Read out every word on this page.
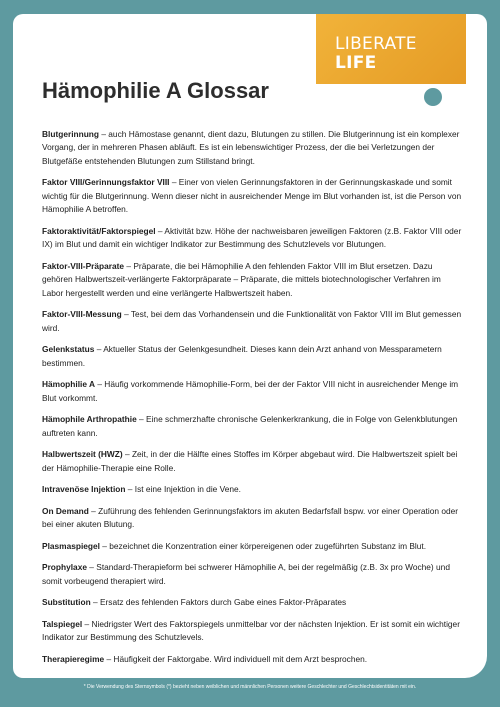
LIBERATE
LIFE
Hämophilie A Glossar

Blutgerinnung – auch Hämostase genannt, dient dazu, Blutungen zu stillen. Die Blutgerinnung ist ein komplexer Vorgang, der in mehreren Phasen abläuft. Es ist ein lebenswichtiger Prozess, der die bei Verletzungen der Blutgefäße entstehenden Blutungen zum Stillstand bringt.

Faktor VIII/Gerinnungsfaktor VIII – Einer von vielen Gerinnungsfaktoren in der Gerinnungskaskade und somit wichtig für die Blutgerinnung. Wenn dieser nicht in ausreichender Menge im Blut vorhanden ist, ist die Person von Hämophilie A betroffen.

Faktoraktivität/Faktorspiegel – Aktivität bzw. Höhe der nachweisbaren jeweiligen Faktoren (z.B. Faktor VIII oder IX) im Blut und damit ein wichtiger Indikator zur Bestimmung des Schutzlevels vor Blutungen.

Faktor-VIII-Präparate – Präparate, die bei Hämophilie A den fehlenden Faktor VIII im Blut ersetzen. Dazu gehören Halbwertszeit-verlängerte Faktorpräparate – Präparate, die mittels biotechnologischer Verfahren im Labor hergestellt werden und eine verlängerte Halbwertszeit haben.

Faktor-VIII-Messung – Test, bei dem das Vorhandensein und die Funktionalität von Faktor VIII im Blut gemessen wird.

Gelenkstatus – Aktueller Status der Gelenkgesundheit. Dieses kann dein Arzt anhand von Messparametern bestimmen.

Hämophilie A – Häufig vorkommende Hämophilie-Form, bei der der Faktor VIII nicht in ausreichender Menge im Blut vorkommt.

Hämophile Arthropathie – Eine schmerzhafte chronische Gelenkerkrankung, die in Folge von Gelenkblutungen auftreten kann.

Halbwertszeit (HWZ) – Zeit, in der die Hälfte eines Stoffes im Körper abgebaut wird. Die Halbwertszeit spielt bei der Hämophilie-Therapie eine Rolle.

Intravenöse Injektion – Ist eine Injektion in die Vene.

On Demand – Zuführung des fehlenden Gerinnungsfaktors im akuten Bedarfsfall bspw. vor einer Operation oder bei einer akuten Blutung.

Plasmaspiegel – bezeichnet die Konzentration einer körpereigenen oder zugeführten Substanz im Blut.

Prophylaxe – Standard-Therapieform bei schwerer Hämophilie A, bei der regelmäßig (z.B. 3x pro Woche) und somit vorbeugend therapiert wird.

Substitution – Ersatz des fehlenden Faktors durch Gabe eines Faktor-Präparates

Talspiegel – Niedrigster Wert des Faktorspiegels unmittelbar vor der nächsten Injektion. Er ist somit ein wichtiger Indikator zur Bestimmung des Schutzlevels.

Therapieregime – Häufigkeit der Faktorgabe. Wird individuell mit dem Arzt besprochen.

* Die Verwendung des Sternsymbols (*) bezieht neben weiblichen und männlichen Personen weitere Geschlechter und Geschlechtsidentitäten mit ein.
